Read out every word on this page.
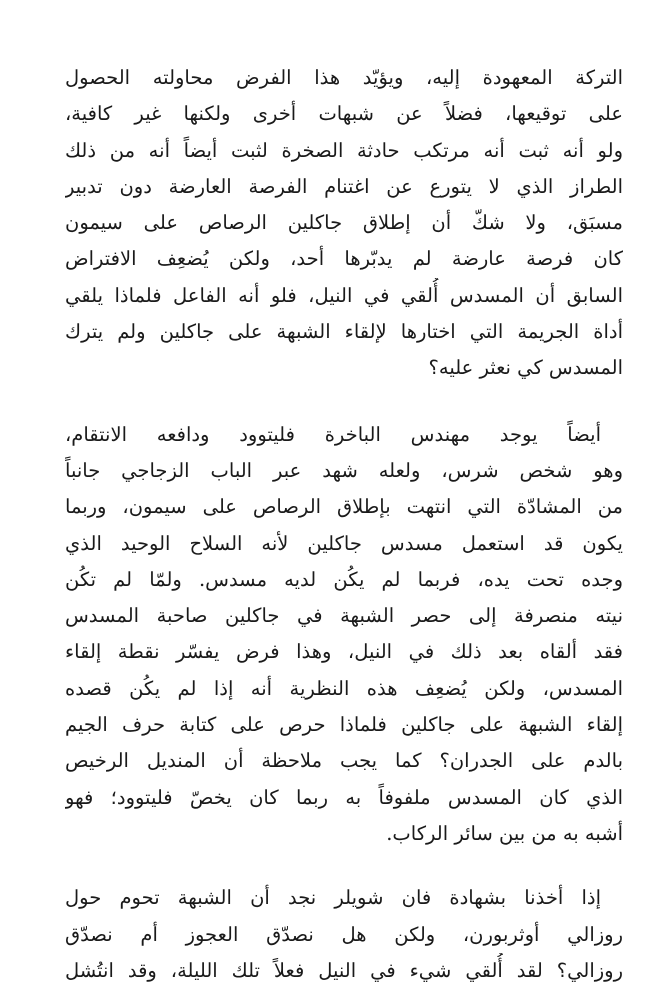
التركة المعهودة إليه، ويؤيّد هذا الفرض محاولته الحصول
على توقيعها، فضلاً عن شبهات أخرى ولكنها غير كافية،
ولو أنه ثبت أنه مرتكب حادثة الصخرة لثبت أيضاً أنه من ذلك
الطراز الذي لا يتورع عن اغتنام الفرصة العارضة دون تدبير
مسبَق، ولا شكّ أن إطلاق جاكلين الرصاص على سيمون
كان فرصة عارضة لم يدبّرها أحد، ولكن يُضعِف الافتراض
السابق أن المسدس أُلقي في النيل، فلو أنه الفاعل فلماذا يلقي
أداة الجريمة التي اختارها لإلقاء الشبهة على جاكلين ولم يترك
المسدس كي نعثر عليه؟

أيضاً يوجد مهندس الباخرة فليتوود ودافعه الانتقام،
وهو شخص شرس، ولعله شهد عبر الباب الزجاجي جانباً
من المشادّة التي انتهت بإطلاق الرصاص على سيمون، وربما
يكون قد استعمل مسدس جاكلين لأنه السلاح الوحيد الذي
وجده تحت يده، فربما لم يكُن لديه مسدس. ولمّا لم تكُن
نيته منصرفة إلى حصر الشبهة في جاكلين صاحبة المسدس
فقد ألقاه بعد ذلك في النيل، وهذا فرض يفسّر نقطة إلقاء
المسدس، ولكن يُضعِف هذه النظرية أنه إذا لم يكُن قصده
إلقاء الشبهة على جاكلين فلماذا حرص على كتابة حرف الجيم
بالدم على الجدران؟ كما يجب ملاحظة أن المنديل الرخيص
الذي كان المسدس ملفوفاً به ربما كان يخصّ فليتوود؛ فهو
أشبه به من بين سائر الركاب.

إذا أخذنا بشهادة فان شويلر نجد أن الشبهة تحوم حول
روزالي أوثربورن، ولكن هل نصدّق العجوز أم نصدّق
روزالي؟ لقد أُلقي شيء في النيل فعلاً تلك الليلة، وقد انتُشل
